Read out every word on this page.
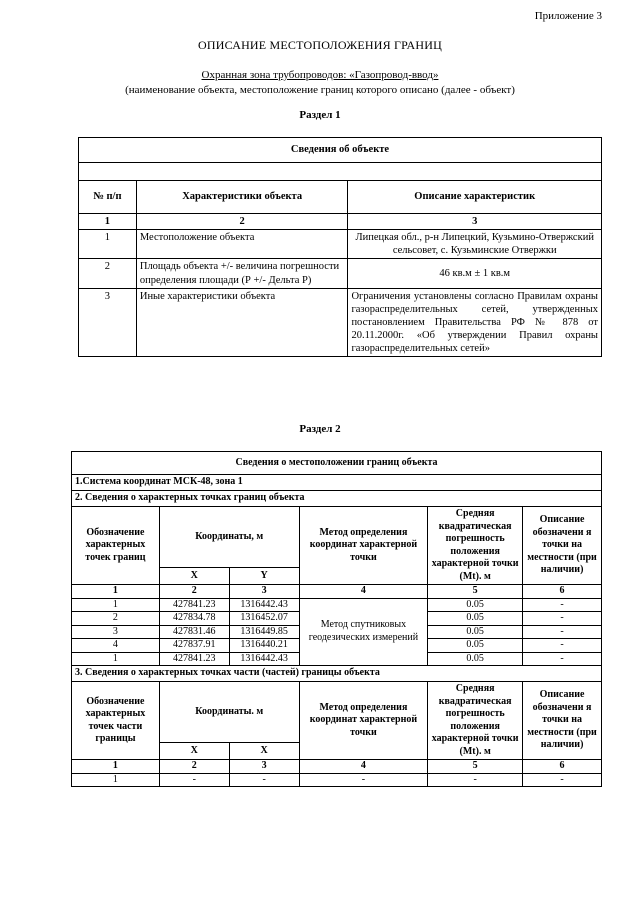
Приложение 3
ОПИСАНИЕ МЕСТОПОЛОЖЕНИЯ ГРАНИЦ
Охранная зона трубопроводов: «Газопровод-ввод»
(наименование объекта, местоположение границ которого описано (далее - объект)
Раздел 1
Сведения об объекте		

№ п/п	Характеристики объекта	Описание характеристик
1	2	3
1	Местоположение объекта	Липецкая обл., р-н Липецкий, Кузьмино-Отвержский сельсовет, с. Кузьминские Отвержки
2	Площадь объекта +/- величина погрешности определения площади (Р +/- Дельта Р)	46 кв.м ± 1 кв.м
3	Иные характеристики объекта	Ограничения установлены согласно Правилам охраны газораспределительных сетей, утвержденных постановлением Правительства РФ № 878 от 20.11.2000г. «Об утверждении Правил охраны газораспределительных сетей»
Раздел 2
Сведения о местоположении границ объекта					
1.Система координат МСК-48, зона 1					
2. Сведения о характерных точках границ объекта					
Обозначение характерных точек границ	Координаты, м		Метод определения координат характерной точки	Средняя квадратическая погрешность положения характерной точки (Mt). м	Описание обозначени я точки на местности (при наличии)
	X	Y			
1	2	3	4	5	6
1	427841.23	1316442.43	Метод спутниковых геодезических измерений	0.05	-
2	427834.78	1316452.07		0.05	-
3	427831.46	1316449.85		0.05	-
4	427837.91	1316440.21		0.05	-
1	427841.23	1316442.43		0.05	-
3. Сведения о характерных точках части (частей) границы объекта					
Обозначение характерных точек части границы	Координаты. м		Метод определения координат характерной точки	Средняя квадратическая погрешность положения характерной точки (Mt). м	Описание обозначени я точки на местности (при наличии)
	X	X			
1	2	3	4	5	6
1	-	-	-	-	-
